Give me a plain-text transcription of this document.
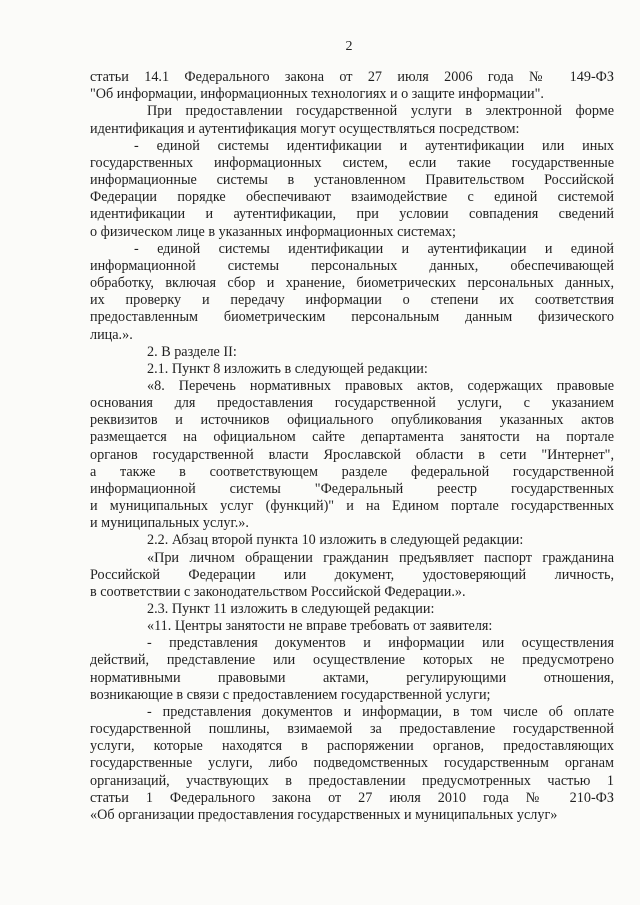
2
статьи 14.1 Федерального закона от 27 июля 2006 года № 149-ФЗ
"Об информации, информационных технологиях и о защите информации".
При предоставлении государственной услуги в электронной форме
идентификация и аутентификация могут осуществляться посредством:
- единой системы идентификации и аутентификации или иных
государственных информационных систем, если такие государственные
информационные системы в установленном Правительством Российской
Федерации порядке обеспечивают взаимодействие с единой системой
идентификации и аутентификации, при условии совпадения сведений
о физическом лице в указанных информационных системах;
- единой системы идентификации и аутентификации и единой
информационной системы персональных данных, обеспечивающей
обработку, включая сбор и хранение, биометрических персональных данных,
их проверку и передачу информации о степени их соответствия
предоставленным биометрическим персональным данным физического
лица.».
2. В разделе II:
2.1. Пункт 8 изложить в следующей редакции:
«8. Перечень нормативных правовых актов, содержащих правовые
основания для предоставления государственной услуги, с указанием
реквизитов и источников официального опубликования указанных актов
размещается на официальном сайте департамента занятости на портале
органов государственной власти Ярославской области в сети "Интернет",
а также в соответствующем разделе федеральной государственной
информационной системы "Федеральный реестр государственных
и муниципальных услуг (функций)" и на Едином портале государственных
и муниципальных услуг.».
2.2. Абзац второй пункта 10 изложить в следующей редакции:
«При личном обращении гражданин предъявляет паспорт гражданина
Российской Федерации или документ, удостоверяющий личность,
в соответствии с законодательством Российской Федерации.».
2.3. Пункт 11 изложить в следующей редакции:
«11. Центры занятости не вправе требовать от заявителя:
- представления документов и информации или осуществления
действий, представление или осуществление которых не предусмотрено
нормативными правовыми актами, регулирующими отношения,
возникающие в связи с предоставлением государственной услуги;
- представления документов и информации, в том числе об оплате
государственной пошлины, взимаемой за предоставление государственной
услуги, которые находятся в распоряжении органов, предоставляющих
государственные услуги, либо подведомственных государственным органам
организаций, участвующих в предоставлении предусмотренных частью 1
статьи 1 Федерального закона от 27 июля 2010 года № 210-ФЗ
«Об организации предоставления государственных и муниципальных услуг»
